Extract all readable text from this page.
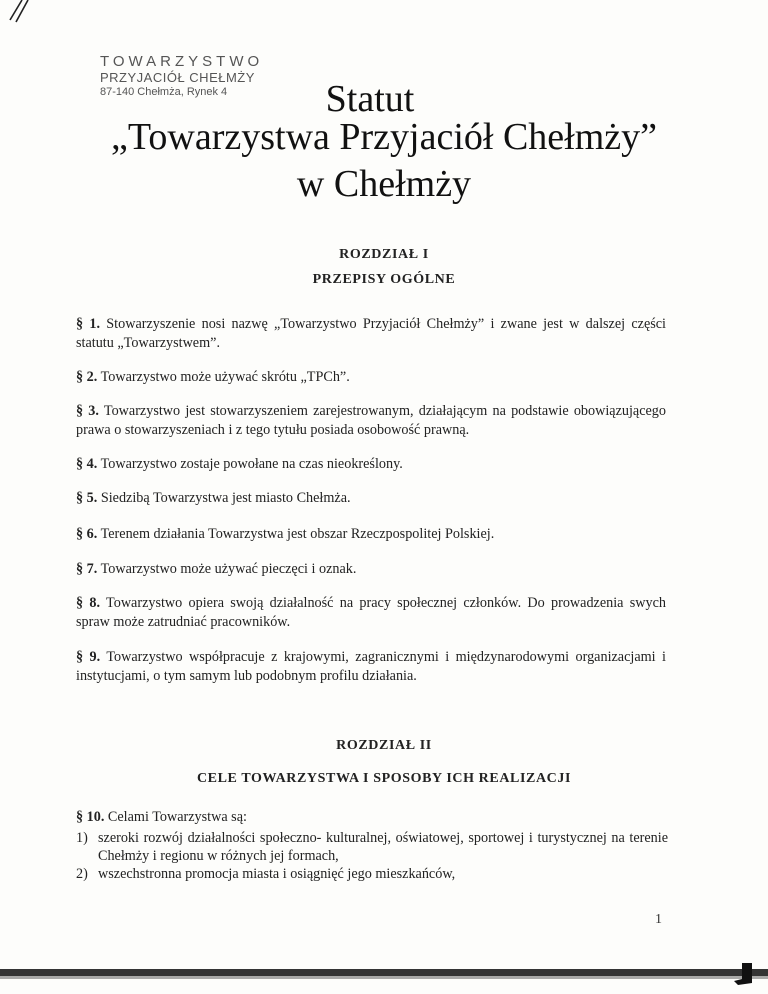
TOWARZYSTWO
PRZYJACIÓŁ CHEŁMŻY
87-140 Chełmża, Rynek 4	Statut
„Towarzystwa Przyjaciół Chełmży”
w Chełmży
ROZDZIAŁ I
PRZEPISY OGÓLNE
§ 1. Stowarzyszenie nosi nazwę „Towarzystwo Przyjaciół Chełmży” i zwane jest w dalszej części statutu „Towarzystwem”.
§ 2. Towarzystwo może używać skrótu „TPCh”.
§ 3. Towarzystwo jest stowarzyszeniem zarejestrowanym, działającym na podstawie obowiązującego prawa o stowarzyszeniach i z tego tytułu posiada osobowość prawną.
§ 4. Towarzystwo zostaje powołane na czas nieokreślony.
§ 5. Siedzibą Towarzystwa jest miasto Chełmża.
§ 6. Terenem działania Towarzystwa jest obszar Rzeczpospolitej Polskiej.
§ 7. Towarzystwo może używać pieczęci i oznak.
§ 8. Towarzystwo opiera swoją działalność na pracy społecznej członków. Do prowadzenia swych spraw może zatrudniać pracowników.
§ 9. Towarzystwo współpracuje z krajowymi, zagranicznymi i międzynarodowymi organizacjami i instytucjami, o tym samym lub podobnym profilu działania.
ROZDZIAŁ II
CELE TOWARZYSTWA I SPOSOBY ICH REALIZACJI
§ 10. Celami Towarzystwa są:
1) szeroki rozwój działalności społeczno- kulturalnej, oświatowej, sportowej i turystycznej na terenie Chełmży i regionu w różnych jej formach,
2) wszechstronna promocja miasta i osiągnięć jego mieszkańców,
1
